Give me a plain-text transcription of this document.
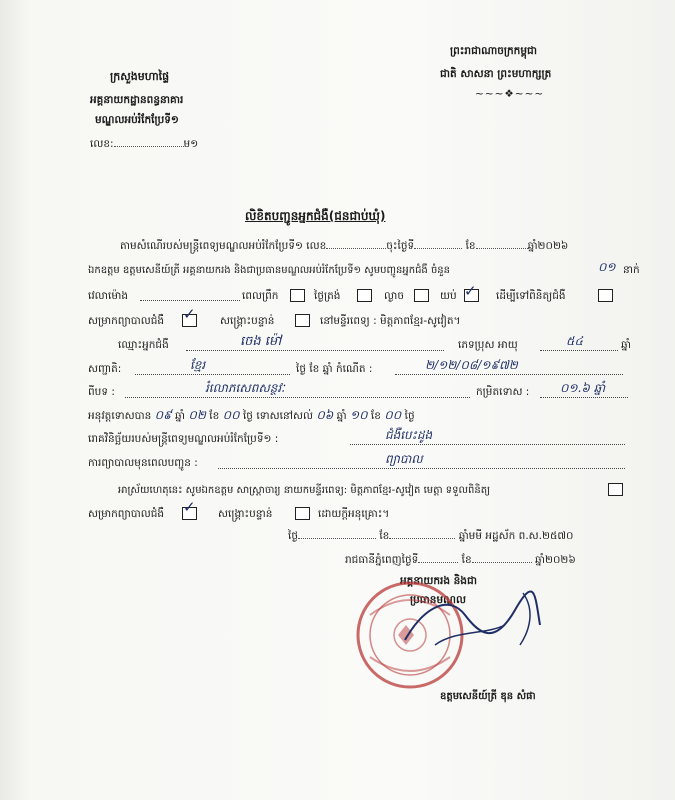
ក្រសួងមហាផ្ទៃ
អគ្គនាយកដ្ឋានពន្ធនាគារ
មណ្ឌលអប់រំកែប្រែទី១
លេខ:	ម១
ព្រះរាជាណាចក្រកម្ពុជា
ជាតិ សាសនា ព្រះមហាក្សត្រ
~~~❖~~~
លិខិតបញ្ជូនអ្នកជំងឺ(ជនជាប់ឃុំ)
តាមសំណើរបស់មន្ត្រីពេទ្យមណ្ឌលអប់រំកែប្រែទី១ លេខ	ចុះថ្ងៃទី	ខែ	ឆ្នាំ២០២៦
ឯកឧត្តម ឧត្តមសេនីយ៍ត្រី អគ្គនាយករង និងជាប្រធានមណ្ឌលអប់រំកែប្រែទី១ សូមបញ្ជូនអ្នកជំងឺ ចំនួន	០១ នាក់
វេលាម៉ោង	ពេលព្រឹក	ថ្ងៃត្រង់	ល្ងាច	យប់ ✓ ដើម្បីទៅពិនិត្យជំងឺ
សម្រាកព្យាបាលជំងឺ ✓ សង្គ្រោះបន្ទាន់	នៅមន្ទីរពេទ្យ : មិត្តភាពខ្មែរ-សូវៀត។
ឈ្មោះអ្នកជំងឺ	ចេង ម៉ៅ	ភេទប្រុស អាយុ	៥៤	ឆ្នាំ
សញ្ជាតិ:	ខ្មែរ	ថ្ងៃ ខែ ឆ្នាំ កំណើត :	២/១២/០៨/១៩៧២
ពីបទ :	រំលោភសេពសន្ថវៈ	កម្រិតទោស :	០១.៦ ឆ្នាំ
អនុវត្តទោសបាន ០៩ ឆ្នាំ ០២ ខែ ០០ ថ្ងៃ ទោសនៅសល់ ០៦ ឆ្នាំ ១០ ខែ ០០ ថ្ងៃ
រោគវិនិច្ឆ័យរបស់មន្ត្រីពេទ្យមណ្ឌលអប់រំកែប្រែទី១ :	ជំងឺបេះដូង
ការព្យាបាលមុនពេលបញ្ជូន :	ព្យាបាល
អាស្រ័យហេតុនេះ សូមឯកឧត្តម សាស្ត្រាចារ្យ នាយកមន្ទីរពេទ្យ: មិត្តភាពខ្មែរ-សូវៀត មេត្តា ទទួលពិនិត្យ
សម្រាកព្យាបាលជំងឺ ✓ សង្គ្រោះបន្ទាន់	ដោយក្តីអនុគ្រោះ។
ថ្ងៃ	ខែ	ឆ្នាំមមី អដ្ឋស័ក ព.ស.២៥៧០
រាជធានីភ្នំពេញថ្ងៃទី	ខែ	ឆ្នាំ២០២៦
អគ្គនាយករង និងជា
ប្រធានមណ្ឌល
ឧត្តមសេនីយ៍ត្រី ឌុន សំផា
